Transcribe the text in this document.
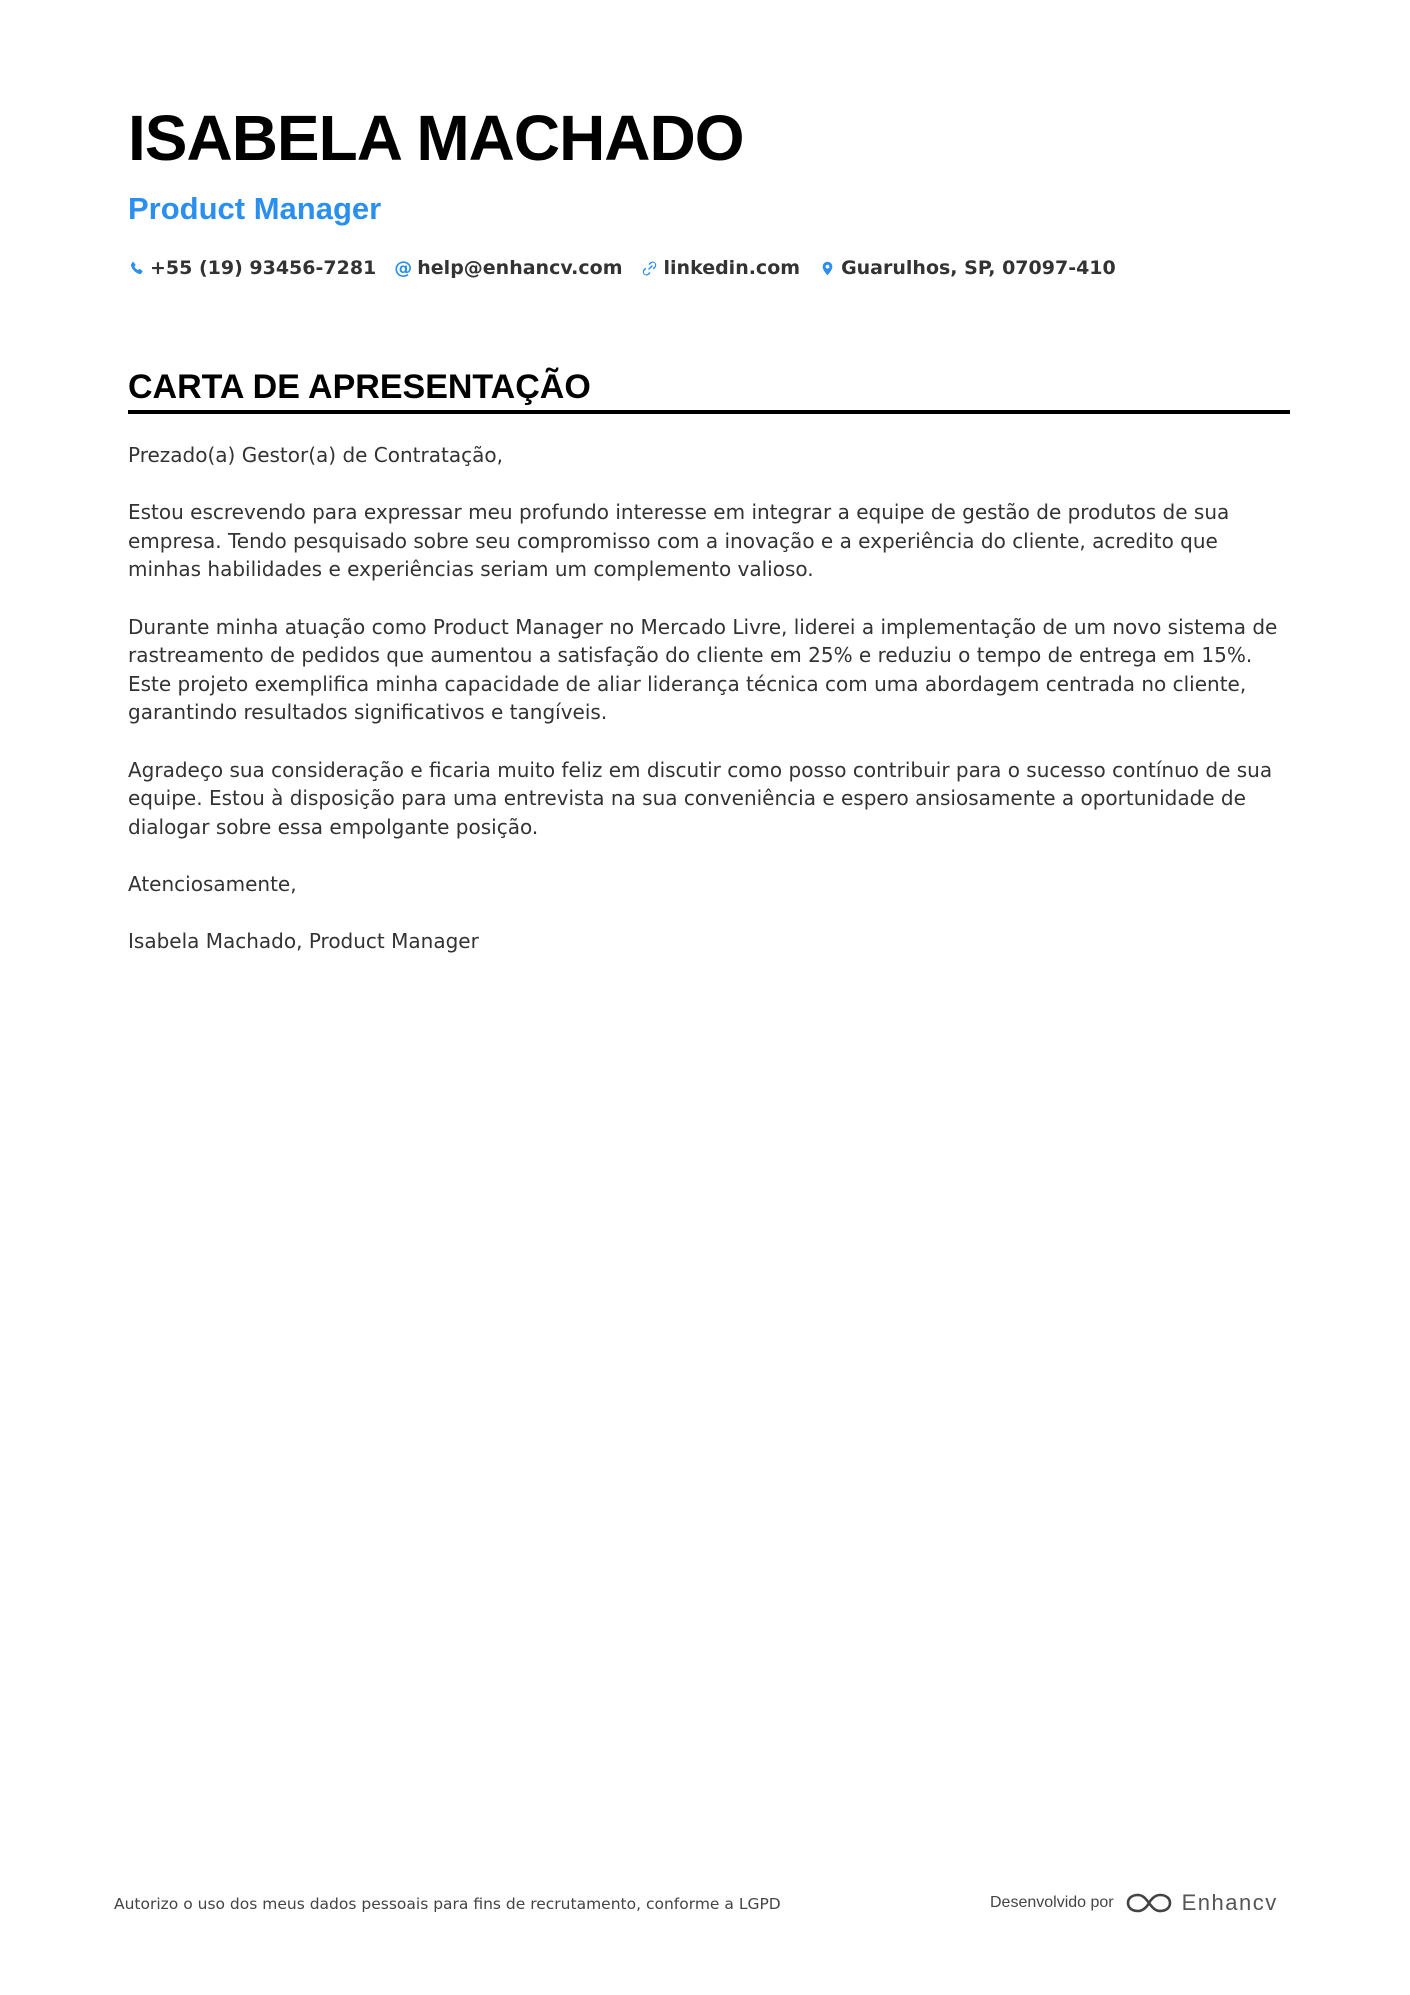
ISABELA MACHADO
Product Manager
+55 (19) 93456-7281 @ help@enhancv.com linkedin.com Guarulhos, SP, 07097-410
CARTA DE APRESENTAÇÃO

Prezado(a) Gestor(a) de Contratação,

Estou escrevendo para expressar meu profundo interesse em integrar a equipe de gestão de produtos de sua empresa. Tendo pesquisado sobre seu compromisso com a inovação e a experiência do cliente, acredito que minhas habilidades e experiências seriam um complemento valioso.

Durante minha atuação como Product Manager no Mercado Livre, liderei a implementação de um novo sistema de rastreamento de pedidos que aumentou a satisfação do cliente em 25% e reduziu o tempo de entrega em 15%. Este projeto exemplifica minha capacidade de aliar liderança técnica com uma abordagem centrada no cliente, garantindo resultados significativos e tangíveis.

Agradeço sua consideração e ficaria muito feliz em discutir como posso contribuir para o sucesso contínuo de sua equipe. Estou à disposição para uma entrevista na sua conveniência e espero ansiosamente a oportunidade de dialogar sobre essa empolgante posição.

Atenciosamente,

Isabela Machado, Product Manager

Autorizo o uso dos meus dados pessoais para fins de recrutamento, conforme a LGPD	Desenvolvido por	Enhancv
